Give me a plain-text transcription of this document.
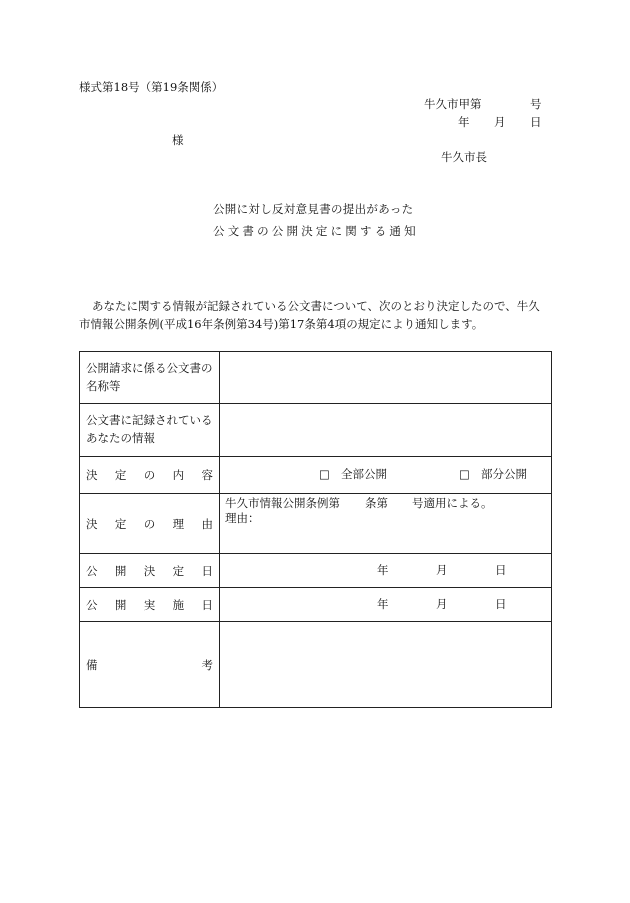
様式第18号（第19条関係）
牛久市甲第	号
年 月 日
様
牛久市長
公開に対し反対意見書の提出があった
公文書の公開決定に関する通知
あなたに関する情報が記録されている公文書について、次のとおり決定したので、牛久
市情報公開条例(平成16年条例第34号)第17条第4項の規定により通知します。
公開請求に係る公文書の名称等	

公文書に記録されているあなたの情報	

決 定 の 内 容	□ 全部公開 □ 部分公開

決 定 の 理 由	牛久市情報公開条例第 条第 号適用による。
理由：

公 開 決 定 日	年 月 日

公 開 実 施 日	年 月 日

備 考	
